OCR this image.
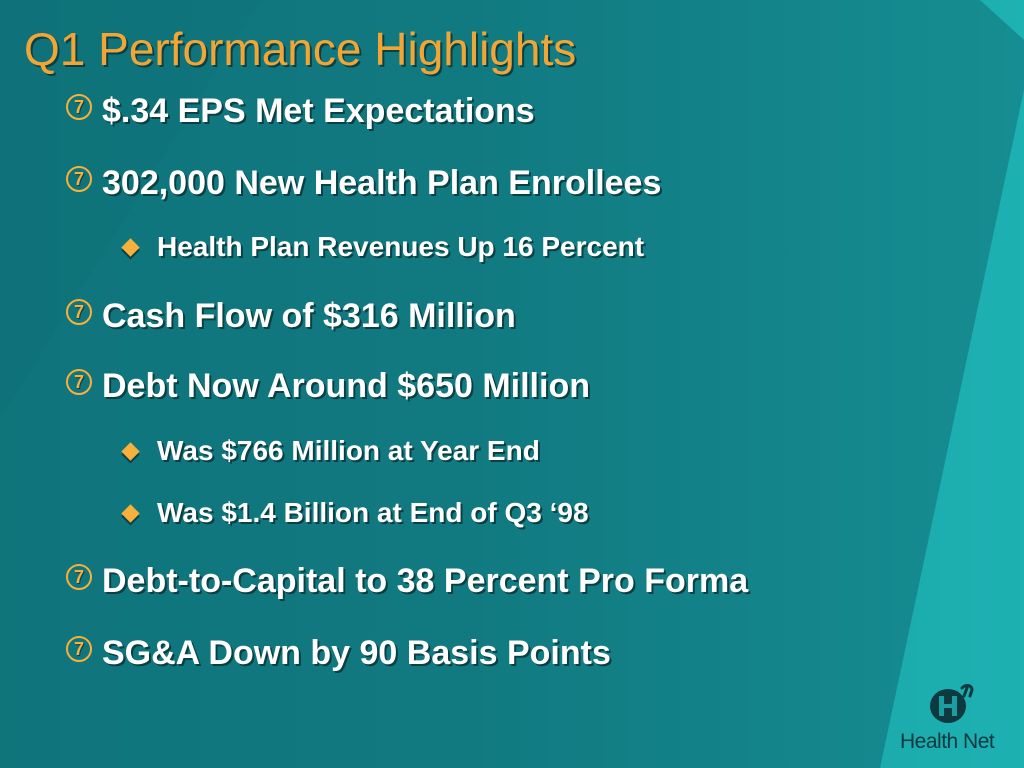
Q1 Performance Highlights
7 $.34 EPS Met Expectations
7 302,000 New Health Plan Enrollees
Health Plan Revenues Up 16 Percent
7 Cash Flow of $316 Million
7 Debt Now Around $650 Million
Was $766 Million at Year End
Was $1.4 Billion at End of Q3 ‘98
7 Debt-to-Capital to 38 Percent Pro Forma
7 SG&A Down by 90 Basis Points
Health Net
